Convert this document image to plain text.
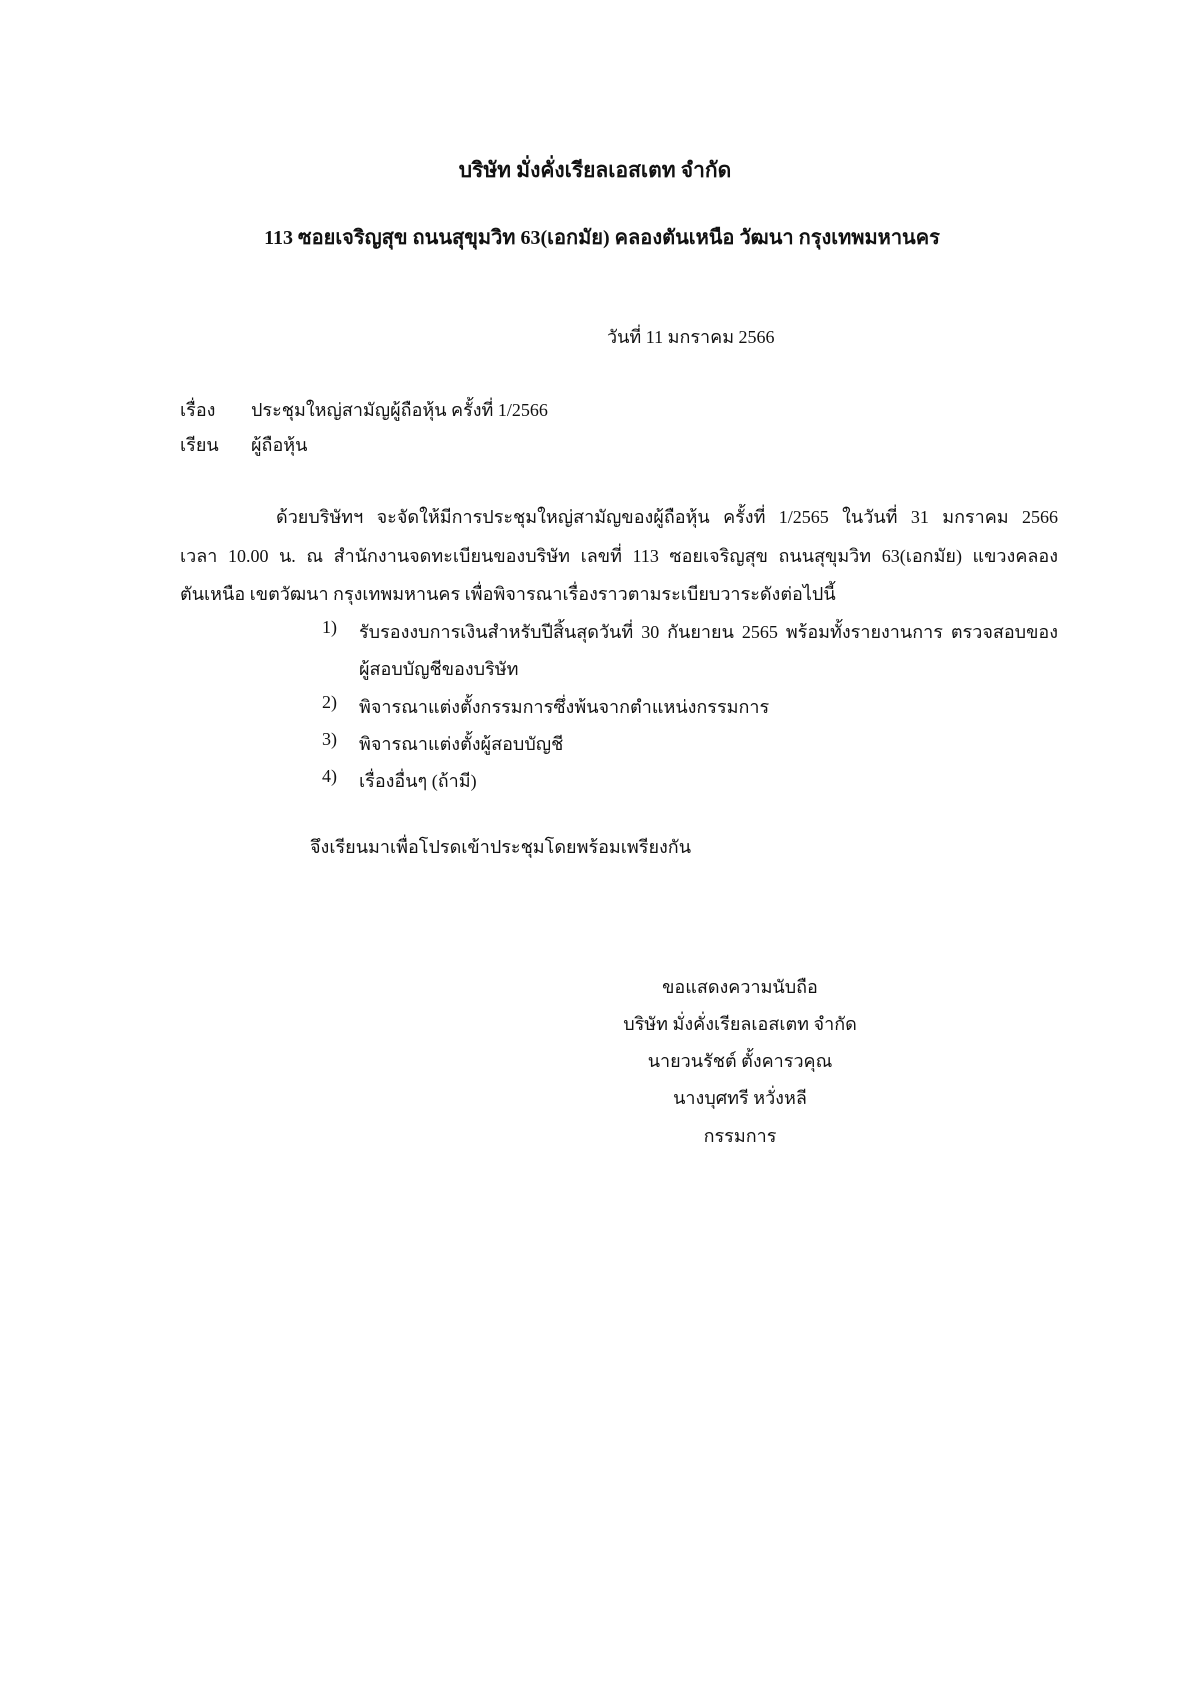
บริษัท มั่งคั่งเรียลเอสเตท จำกัด
113 ซอยเจริญสุข ถนนสุขุมวิท 63(เอกมัย) คลองตันเหนือ วัฒนา กรุงเทพมหานคร
วันที่ 11 มกราคม 2566
เรื่อง ประชุมใหญ่สามัญผู้ถือหุ้น ครั้งที่ 1/2566
เรียน ผู้ถือหุ้น
ด้วยบริษัทฯ จะจัดให้มีการประชุมใหญ่สามัญของผู้ถือหุ้น ครั้งที่ 1/2565 ในวันที่ 31 มกราคม 2566
เวลา 10.00 น. ณ สำนักงานจดทะเบียนของบริษัท เลขที่ 113 ซอยเจริญสุข ถนนสุขุมวิท 63(เอกมัย) แขวงคลอง
ตันเหนือ เขตวัฒนา กรุงเทพมหานคร เพื่อพิจารณาเรื่องราวตามระเบียบวาระดังต่อไปนี้
1) รับรองงบการเงินสำหรับปีสิ้นสุดวันที่ 30 กันยายน 2565 พร้อมทั้งรายงานการ ตรวจสอบของ
ผู้สอบบัญชีของบริษัท
2) พิจารณาแต่งตั้งกรรมการซึ่งพ้นจากตำแหน่งกรรมการ
3) พิจารณาแต่งตั้งผู้สอบบัญชี
4) เรื่องอื่นๆ (ถ้ามี)
จึงเรียนมาเพื่อโปรดเข้าประชุมโดยพร้อมเพรียงกัน
ขอแสดงความนับถือ
บริษัท มั่งคั่งเรียลเอสเตท จำกัด
นายวนรัชต์ ตั้งคารวคุณ
นางบุศทรี หวั่งหลี
กรรมการ
